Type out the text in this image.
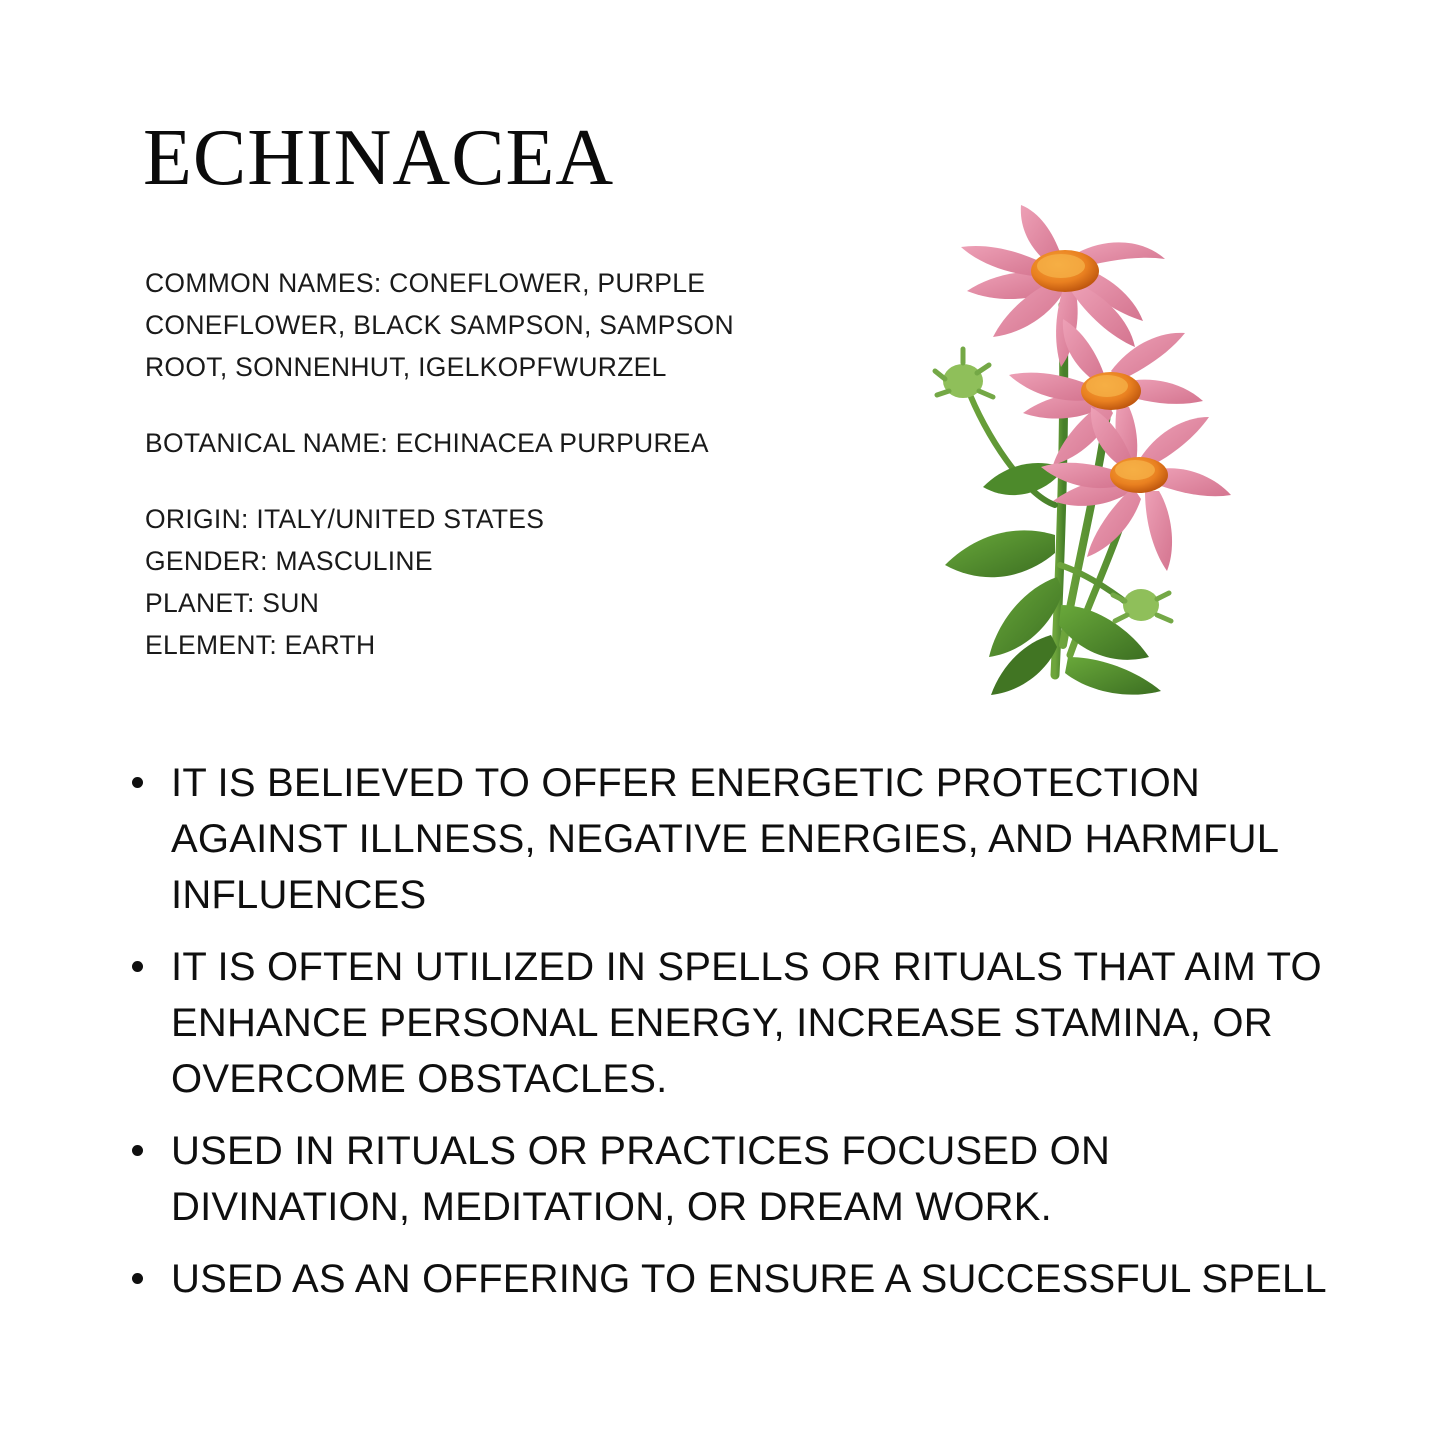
ECHINACEA
COMMON NAMES: CONEFLOWER, PURPLE
CONEFLOWER, BLACK SAMPSON, SAMPSON
ROOT, SONNENHUT, IGELKOPFWURZEL
BOTANICAL NAME: ECHINACEA PURPUREA
ORIGIN: ITALY/UNITED STATES
GENDER: MASCULINE
PLANET: SUN
ELEMENT: EARTH
IT IS BELIEVED TO OFFER ENERGETIC PROTECTION AGAINST ILLNESS, NEGATIVE ENERGIES, AND HARMFUL INFLUENCES
IT IS OFTEN UTILIZED IN SPELLS OR RITUALS THAT AIM TO ENHANCE PERSONAL ENERGY, INCREASE STAMINA, OR OVERCOME OBSTACLES.
USED IN RITUALS OR PRACTICES FOCUSED ON DIVINATION, MEDITATION, OR DREAM WORK.
USED AS AN OFFERING TO ENSURE A SUCCESSFUL SPELL
